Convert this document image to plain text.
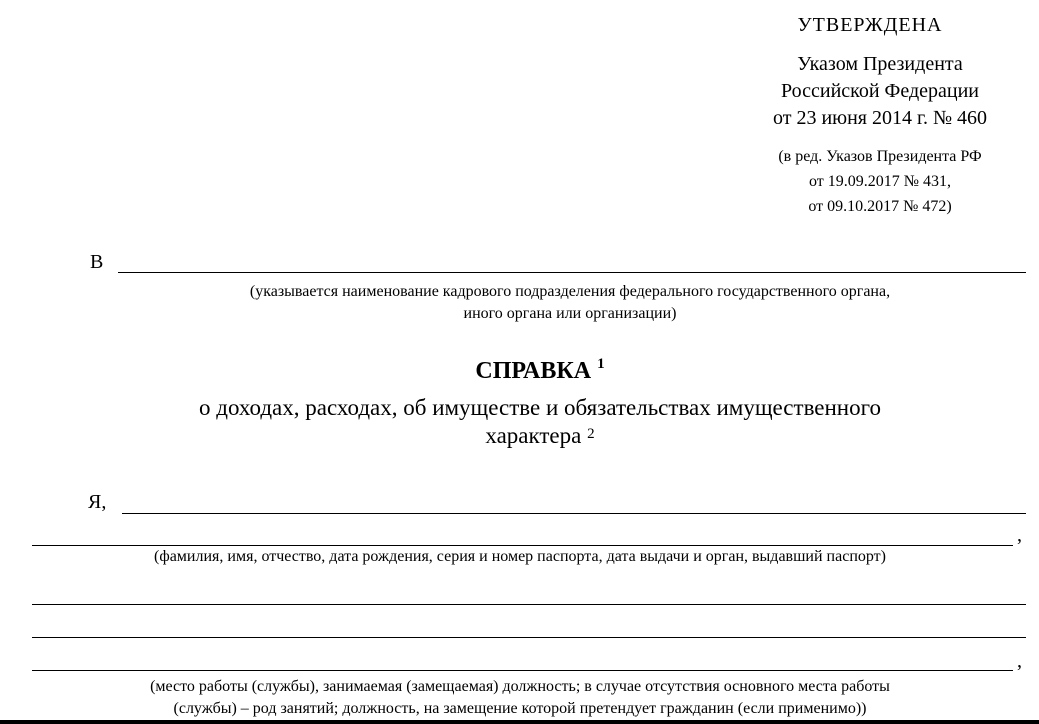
УТВЕРЖДЕНА
Указом Президента
Российской Федерации
от 23 июня 2014 г. № 460
(в ред. Указов Президента РФ
от 19.09.2017 № 431,
от 09.10.2017 № 472)
В
(указывается наименование кадрового подразделения федерального государственного органа,
иного органа или организации)
СПРАВКА $^1$
о доходах, расходах, об имуществе и обязательствах имущественного
характера $^2$
Я,
,
(фамилия, имя, отчество, дата рождения, серия и номер паспорта, дата выдачи и орган, выдавший паспорт)
,
(место работы (службы), занимаемая (замещаемая) должность; в случае отсутствия основного места работы
(службы) – род занятий; должность, на замещение которой претендует гражданин (если применимо))
